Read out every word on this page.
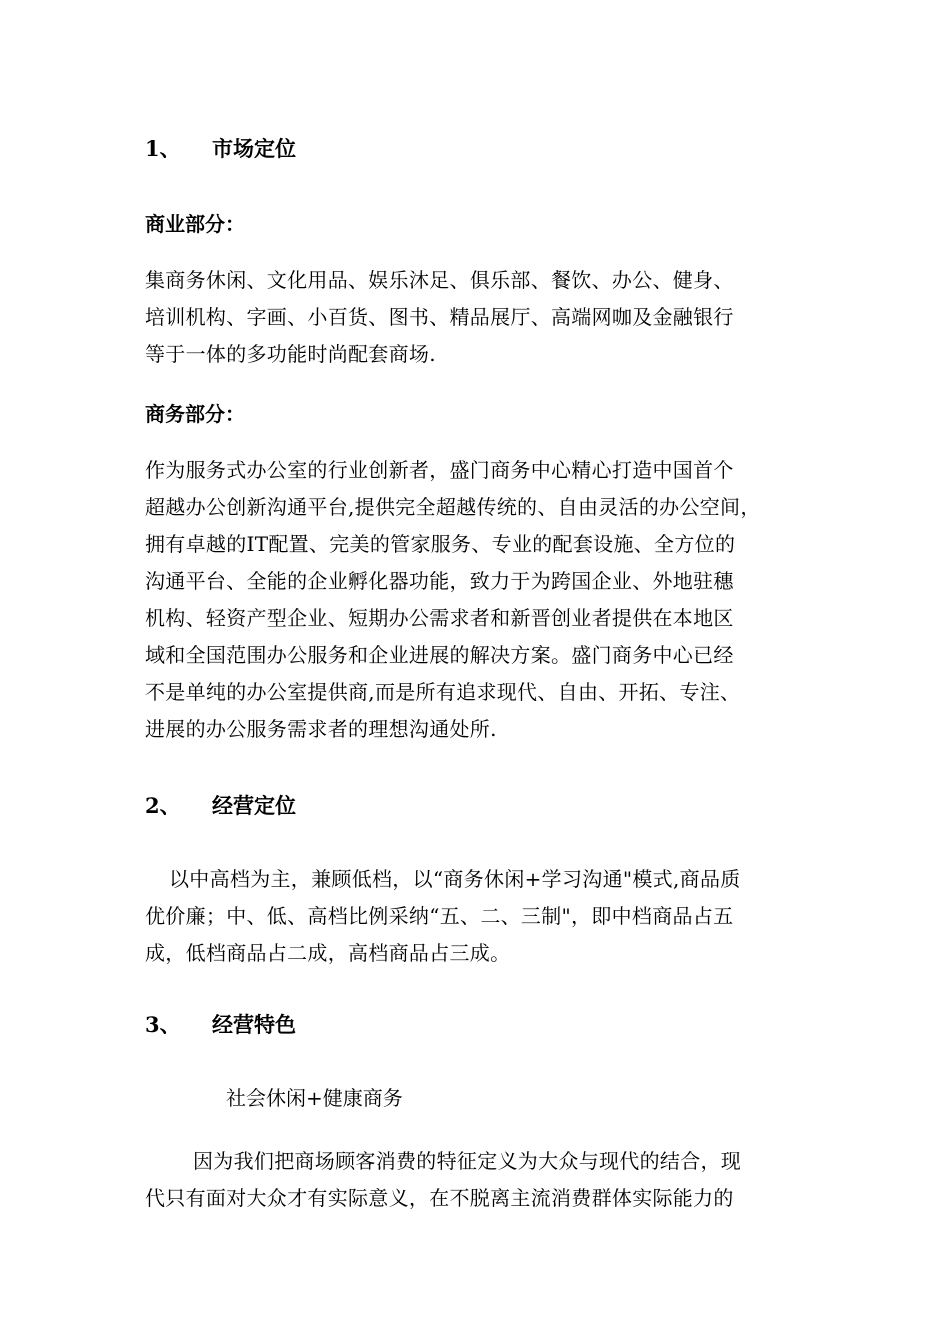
1、 市场定位
商业部分：
集商务休闲、文化用品、娱乐沐足、俱乐部、餐饮、办公、健身、
培训机构、字画、小百货、图书、精品展厅、高端网咖及金融银行
等于一体的多功能时尚配套商场.
商务部分：
作为服务式办公室的行业创新者，盛门商务中心精心打造中国首个
超越办公创新沟通平台,提供完全超越传统的、自由灵活的办公空间，
拥有卓越的IT配置、完美的管家服务、专业的配套设施、全方位的
沟通平台、全能的企业孵化器功能，致力于为跨国企业、外地驻穗
机构、轻资产型企业、短期办公需求者和新晋创业者提供在本地区
域和全国范围办公服务和企业进展的解决方案。盛门商务中心已经
不是单纯的办公室提供商,而是所有追求现代、自由、开拓、专注、
进展的办公服务需求者的理想沟通处所.
2、 经营定位
以中高档为主，兼顾低档，以“商务休闲+学习沟通"模式,商品质
优价廉；中、低、高档比例采纳“五、二、三制"，即中档商品占五
成，低档商品占二成，高档商品占三成。
3、 经营特色
社会休闲+健康商务
因为我们把商场顾客消费的特征定义为大众与现代的结合，现
代只有面对大众才有实际意义，在不脱离主流消费群体实际能力的
